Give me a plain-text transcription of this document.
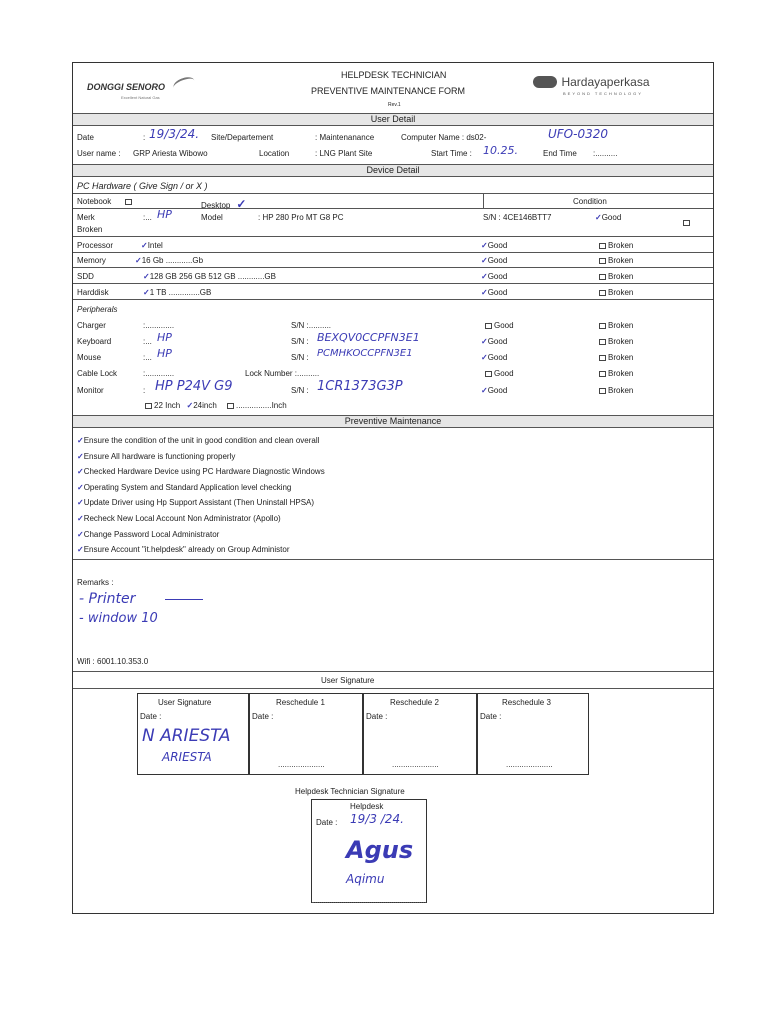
DONGGI SENORO
Excellent Natural Gas
HELPDESK TECHNICIAN
PREVENTIVE MAINTENANCE FORM
Rev.1
Hardayaperkasa
BEYOND TECHNOLOGY
User Detail
Date	: 19/3/24. Site/Departement	: Maintenanance	Computer Name : ds02-	UFO-0320
User name : GRP Ariesta Wibowo	Location	: LNG Plant Site	Start Time : 10.25.	End Time :..........
Device Detail
PC Hardware ( Give Sign / or X )
Notebook	Desktop ✓	Condition
Merk	:... HP	Model	: HP 280 Pro MT G8 PC	S/N : 4CE146BTT7	✓Good
Broken
Processor	✓Intel	✓Good	Broken
Memory	✓16 Gb ............Gb	✓Good	Broken
SDD	✓128 GB 256 GB 512 GB ............GB	✓Good	Broken
Harddisk	✓1 TB ..............GB	✓Good	Broken
Peripherals
Charger	:.............	S/N :..........	Good	Broken
Keyboard	:... HP	S/N : BEXQV0CCPFN3E1	✓Good	Broken
Mouse	:... HP	S/N : PCMHKOCCPFN3E1	✓Good	Broken
Cable Lock	:.............	Lock Number :..........	Good	Broken
Monitor	: HP P24V G9	S/N : 1CR1373G3P	✓Good	Broken
22 Inch ✓24inch ................Inch
Preventive Maintenance
✓Ensure the condition of the unit in good condition and clean overall
✓Ensure All hardware is functioning properly
✓Checked Hardware Device using PC Hardware Diagnostic Windows
✓Operating System and Standard Application level checking
✓Update Driver using Hp Support Assistant (Then Uninstall HPSA)
✓Recheck New Local Account Non Administrator (Apollo)
✓Change Password Local Administrator
✓Ensure Account "it.helpdesk" already on Group Administor
Remarks :
- Printer
- window 10
Wifi : 6001.10.353.0
User Signature
User Signature
Date :
N ARIESTA
ARIESTA
Reschedule 1
Date :
.....................
Reschedule 2
Date :
.....................
Reschedule 3
Date :
.....................
Helpdesk Technician Signature
Helpdesk
Date : 19/3 /24.
Agus
Aqimu
